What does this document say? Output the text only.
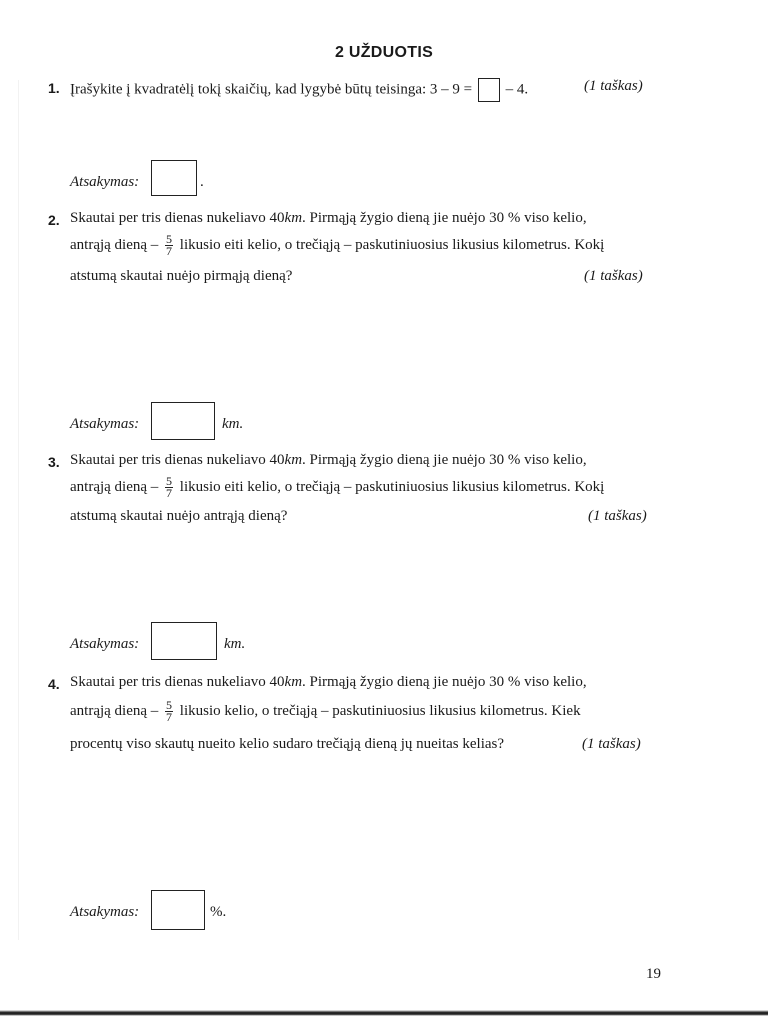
2 UŽDUOTIS
1. Įrašykite į kvadratėlį tokį skaičių, kad lygybė būtų teisinga: 3 – 9 = – 4.	(1 taškas)
Atsakymas:	.
2. Skautai per tris dienas nukeliavo 40km. Pirmąją žygio dieną jie nuėjo 30 % viso kelio,
antrąją dieną – $\frac{5}{7}$ likusio eiti kelio, o trečiąją – paskutiniuosius likusius kilometrus. Kokį
atstumą skautai nuėjo pirmąją dieną?	(1 taškas)
Atsakymas:	km.
3. Skautai per tris dienas nukeliavo 40km. Pirmąją žygio dieną jie nuėjo 30 % viso kelio,
antrąją dieną – $\frac{5}{7}$ likusio eiti kelio, o trečiąją – paskutiniuosius likusius kilometrus. Kokį
atstumą skautai nuėjo antrąją dieną?	(1 taškas)
Atsakymas:	km.
4. Skautai per tris dienas nukeliavo 40km. Pirmąją žygio dieną jie nuėjo 30 % viso kelio,
antrąją dieną – $\frac{5}{7}$ likusio kelio, o trečiąją – paskutiniuosius likusius kilometrus. Kiek
procentų viso skautų nueito kelio sudaro trečiąją dieną jų nueitas kelias?	(1 taškas)
Atsakymas:	%.
19
